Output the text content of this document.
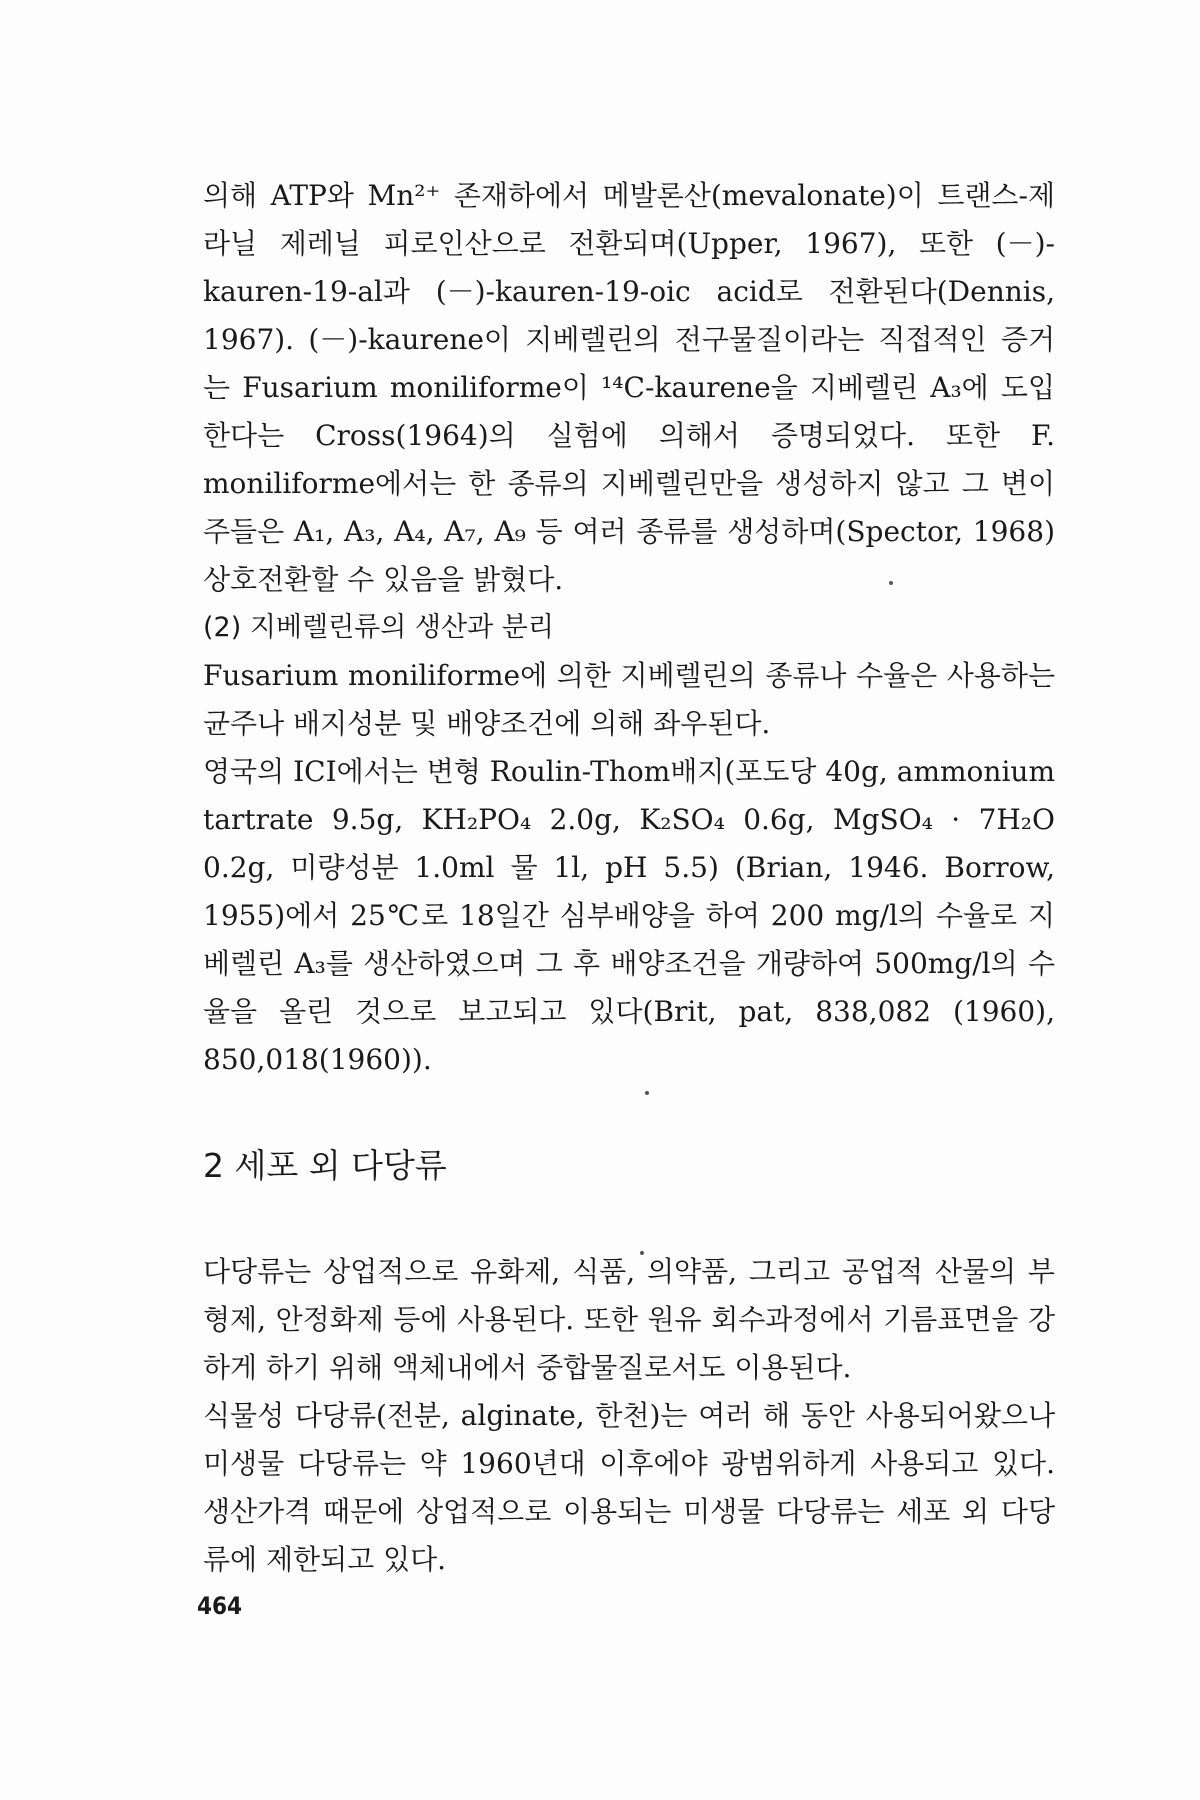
의해 ATP와 Mn²⁺ 존재하에서 메발론산(mevalonate)이 트랜스-제라닐 제레닐 피로인산으로 전환되며(Upper, 1967), 또한 (－)-kauren-19-al과 (－)-kauren-19-oic acid로 전환된다(Dennis, 1967). (－)-kaurene이 지베렐린의 전구물질이라는 직접적인 증거는 Fusarium moniliforme이 ¹⁴C-kaurene을 지베렐린 A₃에 도입한다는 Cross(1964)의 실험에 의해서 증명되었다. 또한 F. moniliforme에서는 한 종류의 지베렐린만을 생성하지 않고 그 변이주들은 A₁, A₃, A₄, A₇, A₉ 등 여러 종류를 생성하며(Spector, 1968) 상호전환할 수 있음을 밝혔다.

(2) 지베렐린류의 생산과 분리

Fusarium moniliforme에 의한 지베렐린의 종류나 수율은 사용하는 균주나 배지성분 및 배양조건에 의해 좌우된다.

영국의 ICI에서는 변형 Roulin-Thom배지(포도당 40g, ammonium tartrate 9.5g, KH₂PO₄ 2.0g, K₂SO₄ 0.6g, MgSO₄ · 7H₂O 0.2g, 미량성분 1.0ml 물 1l, pH 5.5) (Brian, 1946. Borrow, 1955)에서 25℃로 18일간 심부배양을 하여 200 mg/l의 수율로 지베렐린 A₃를 생산하였으며 그 후 배양조건을 개량하여 500mg/l의 수율을 올린 것으로 보고되고 있다(Brit, pat, 838,082 (1960), 850,018(1960)).

2 세포 외 다당류

다당류는 상업적으로 유화제, 식품, 의약품, 그리고 공업적 산물의 부형제, 안정화제 등에 사용된다. 또한 원유 회수과정에서 기름표면을 강하게 하기 위해 액체내에서 중합물질로서도 이용된다.

식물성 다당류(전분, alginate, 한천)는 여러 해 동안 사용되어왔으나 미생물 다당류는 약 1960년대 이후에야 광범위하게 사용되고 있다. 생산가격 때문에 상업적으로 이용되는 미생물 다당류는 세포 외 다당류에 제한되고 있다.

464
